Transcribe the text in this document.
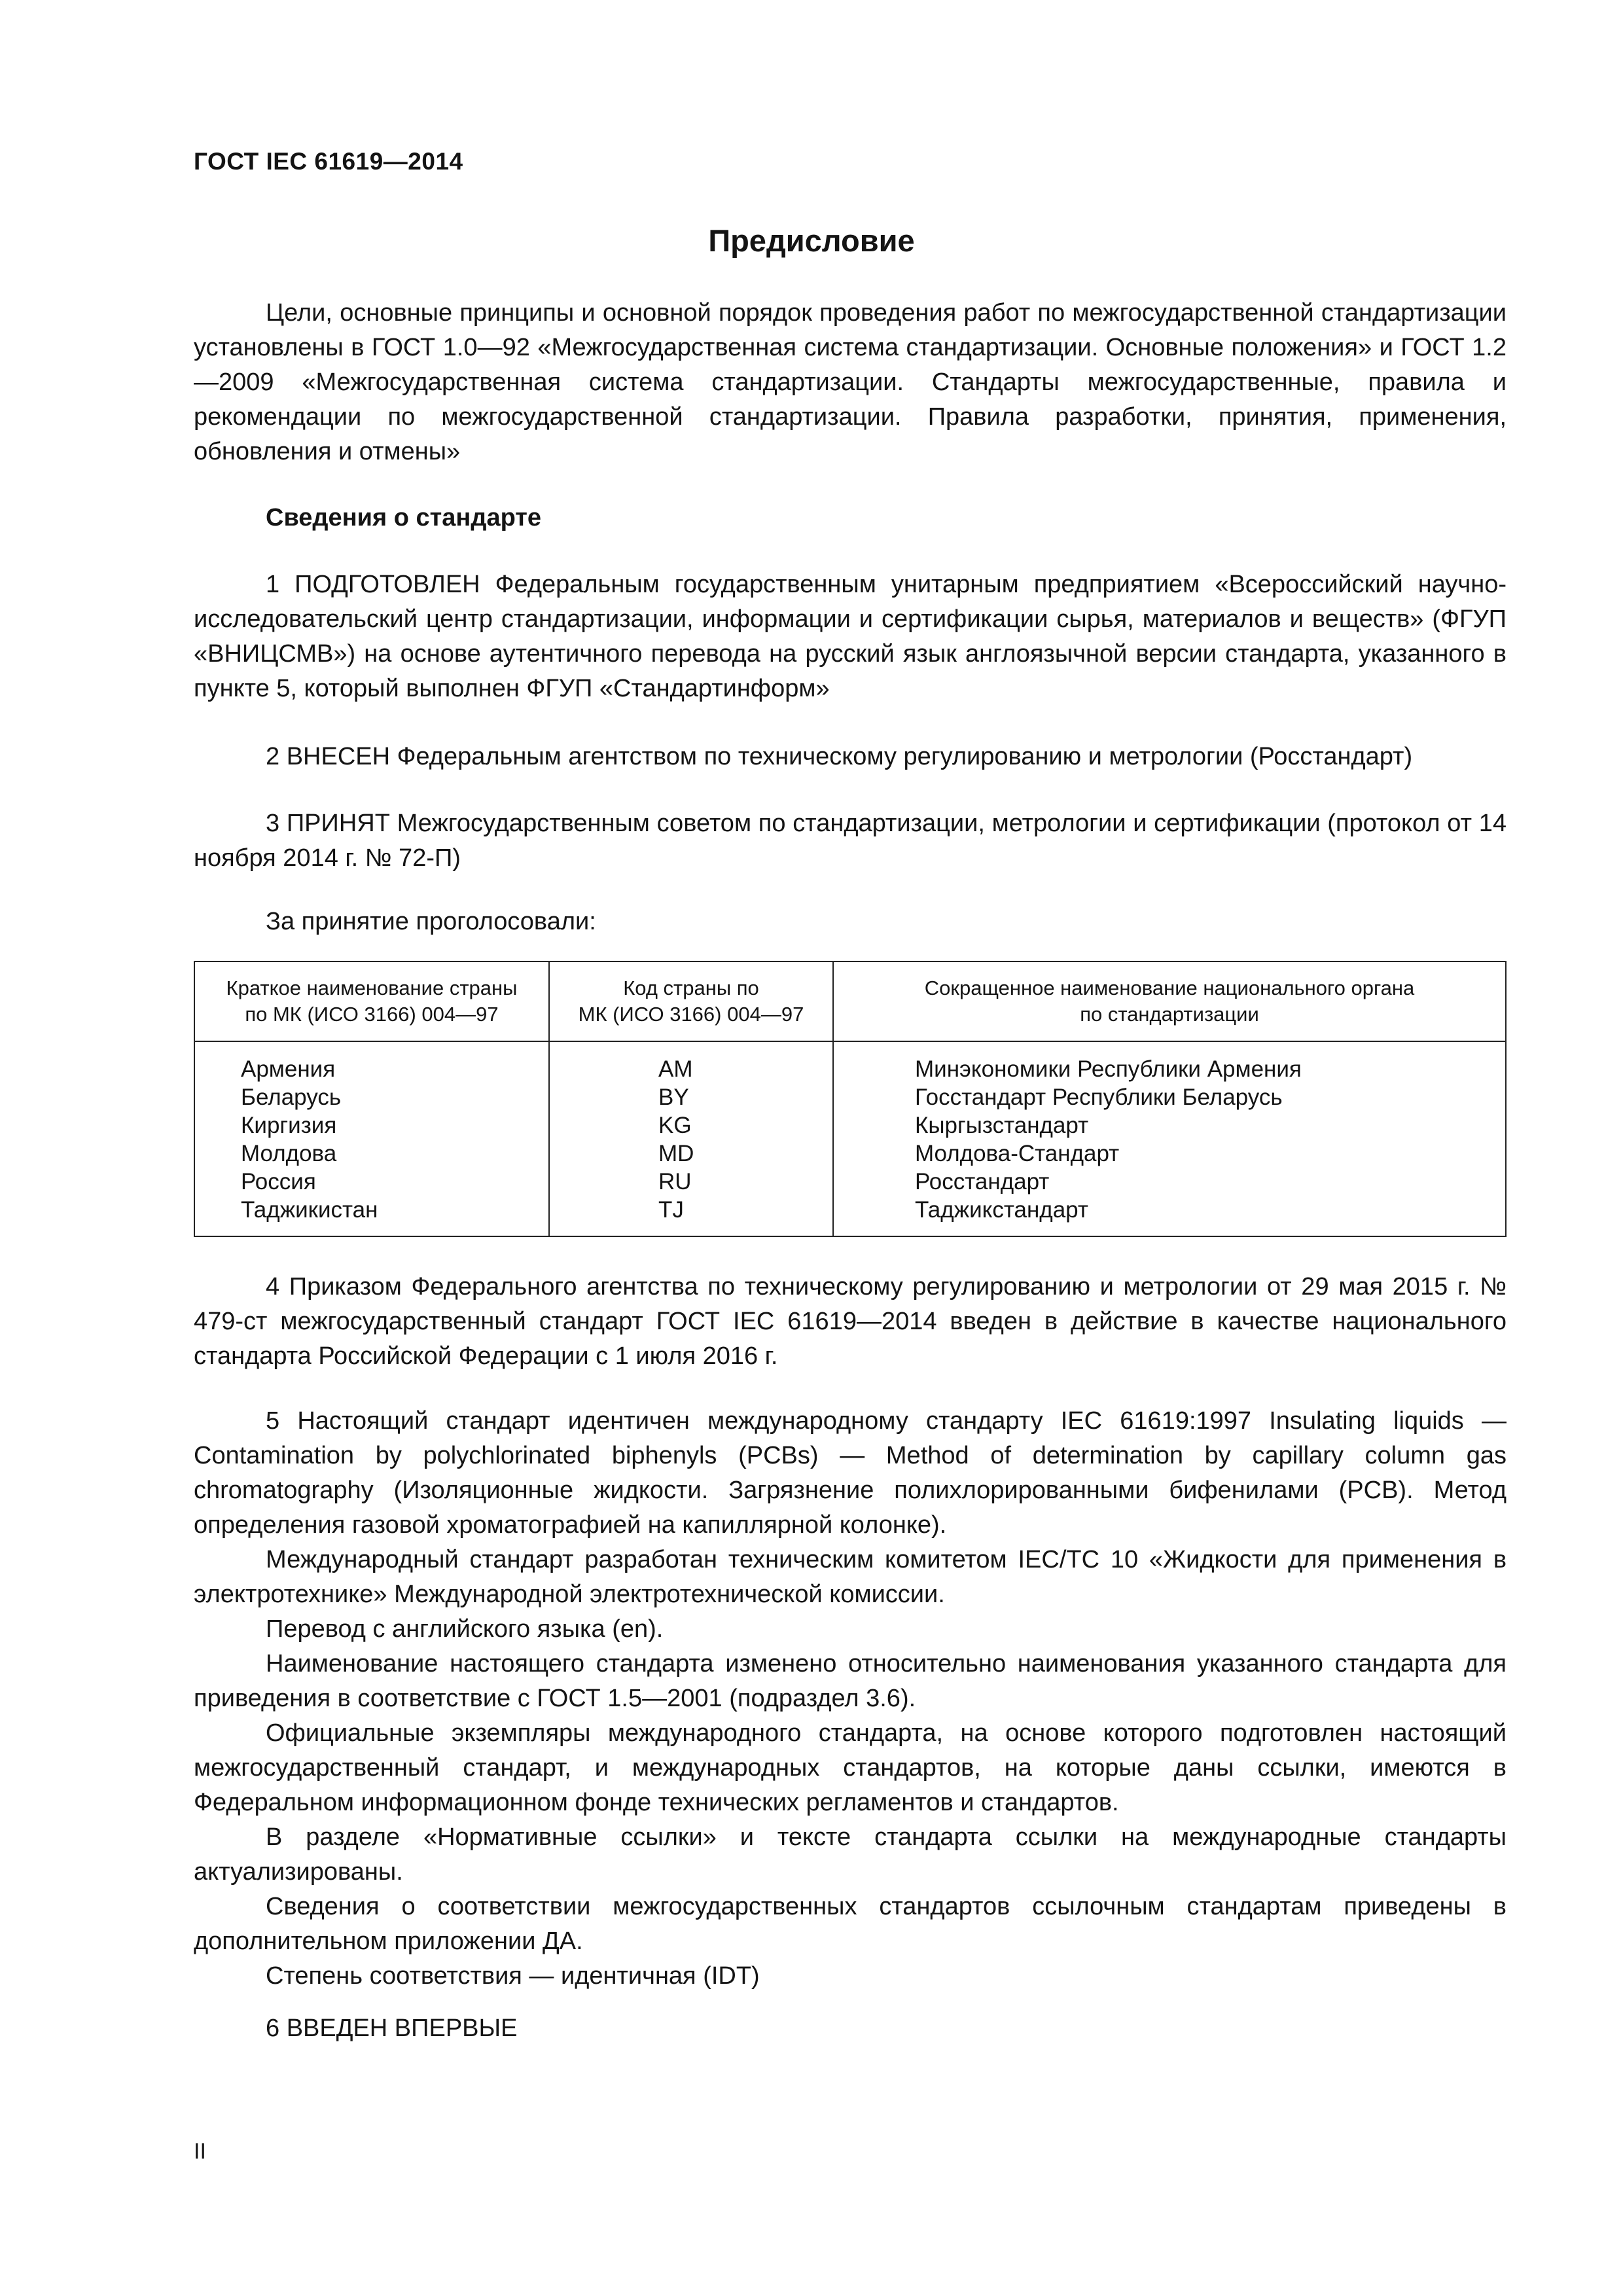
ГОСТ IEC 61619—2014
Предисловие

Цели, основные принципы и основной порядок проведения работ по межгосударственной стандартизации установлены в ГОСТ 1.0—92 «Межгосударственная система стандартизации. Основные положения» и ГОСТ 1.2—2009 «Межгосударственная система стандартизации. Стандарты межгосударственные, правила и рекомендации по межгосударственной стандартизации. Правила разработки, принятия, применения, обновления и отмены»

Сведения о стандарте

1 ПОДГОТОВЛЕН Федеральным государственным унитарным предприятием «Всероссийский научно-исследовательский центр стандартизации, информации и сертификации сырья, материалов и веществ» (ФГУП «ВНИЦСМВ») на основе аутентичного перевода на русский язык англоязычной версии стандарта, указанного в пункте 5, который выполнен ФГУП «Стандартинформ»

2 ВНЕСЕН Федеральным агентством по техническому регулированию и метрологии (Росстандарт)

3 ПРИНЯТ Межгосударственным советом по стандартизации, метрологии и сертификации (протокол от 14 ноября 2014 г. № 72-П)

За принятие проголосовали:
Краткое наименование страны
по МК (ИСО 3166) 004—97
Код страны по
МК (ИСО 3166) 004—97
Сокращенное наименование национального органа
по стандартизации
Армения
Беларусь
Киргизия
Молдова
Россия
Таджикистан
AM
BY
KG
MD
RU
TJ
Минэкономики Республики Армения
Госстандарт Республики Беларусь
Кыргызстандарт
Молдова-Стандарт
Росстандарт
Таджикстандарт

4 Приказом Федерального агентства по техническому регулированию и метрологии от 29 мая 2015 г. № 479-ст межгосударственный стандарт ГОСТ IEC 61619—2014 введен в действие в качестве национального стандарта Российской Федерации с 1 июля 2016 г.

5 Настоящий стандарт идентичен международному стандарту IEC 61619:1997 Insulating liquids — Contamination by polychlorinated biphenyls (PCBs) — Method of determination by capillary column gas chromatography (Изоляционные жидкости. Загрязнение полихлорированными бифенилами (PCB). Метод определения газовой хроматографией на капиллярной колонке).

Международный стандарт разработан техническим комитетом IEC/TC 10 «Жидкости для применения в электротехнике» Международной электротехнической комиссии.

Перевод с английского языка (en).

Наименование настоящего стандарта изменено относительно наименования указанного стандарта для приведения в соответствие с ГОСТ 1.5—2001 (подраздел 3.6).

Официальные экземпляры международного стандарта, на основе которого подготовлен настоящий межгосударственный стандарт, и международных стандартов, на которые даны ссылки, имеются в Федеральном информационном фонде технических регламентов и стандартов.

В разделе «Нормативные ссылки» и тексте стандарта ссылки на международные стандарты актуализированы.

Сведения о соответствии межгосударственных стандартов ссылочным стандартам приведены в дополнительном приложении ДА.

Степень соответствия — идентичная (IDT)

6 ВВЕДЕН ВПЕРВЫЕ
II
